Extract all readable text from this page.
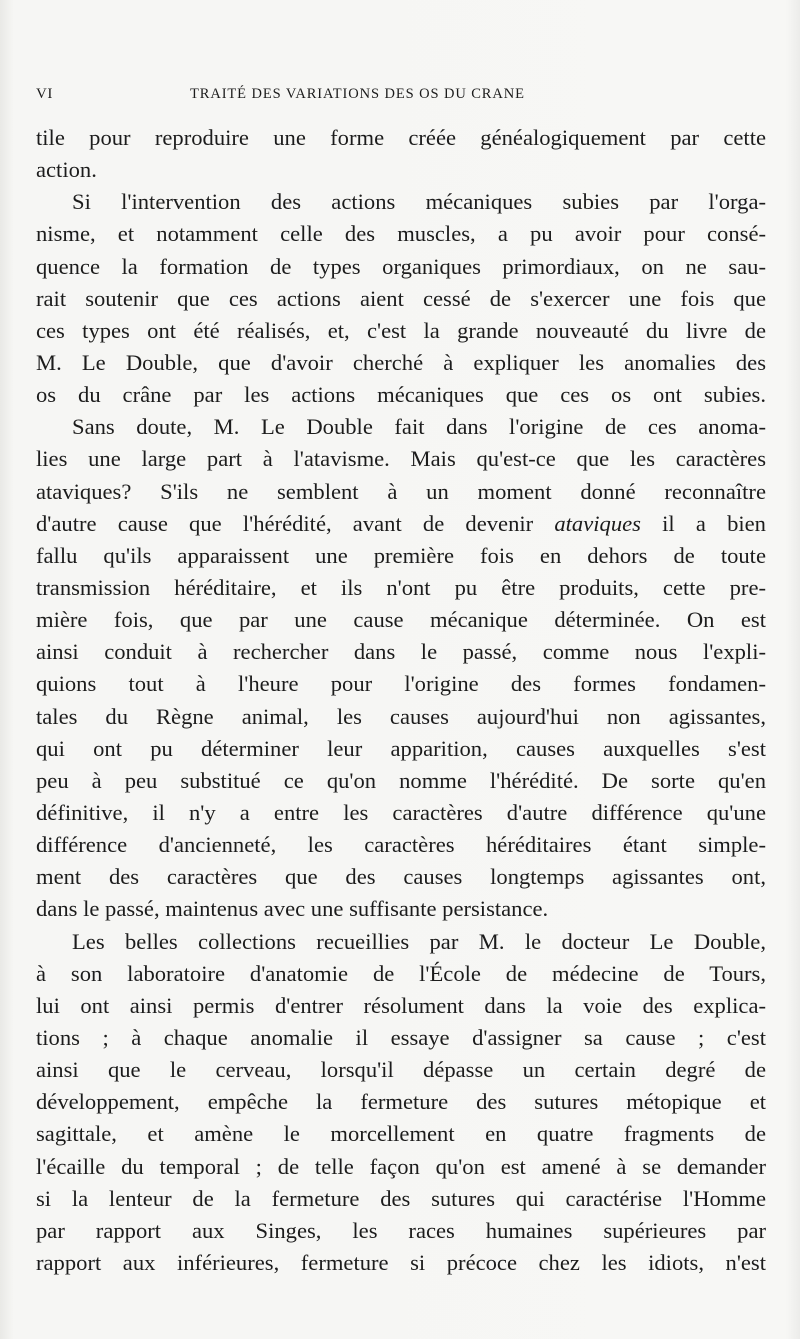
VI	TRAITÉ DES VARIATIONS DES OS DU CRANE
tile pour reproduire une forme créée généalogiquement par cette
action.
Si l'intervention des actions mécaniques subies par l'orga-
nisme, et notamment celle des muscles, a pu avoir pour consé-
quence la formation de types organiques primordiaux, on ne sau-
rait soutenir que ces actions aient cessé de s'exercer une fois que
ces types ont été réalisés, et, c'est la grande nouveauté du livre de
M. Le Double, que d'avoir cherché à expliquer les anomalies des
os du crâne par les actions mécaniques que ces os ont subies.
Sans doute, M. Le Double fait dans l'origine de ces anoma-
lies une large part à l'atavisme. Mais qu'est-ce que les caractères
ataviques? S'ils ne semblent à un moment donné reconnaître
d'autre cause que l'hérédité, avant de devenir ataviques il a bien
fallu qu'ils apparaissent une première fois en dehors de toute
transmission héréditaire, et ils n'ont pu être produits, cette pre-
mière fois, que par une cause mécanique déterminée. On est
ainsi conduit à rechercher dans le passé, comme nous l'expli-
quions tout à l'heure pour l'origine des formes fondamen-
tales du Règne animal, les causes aujourd'hui non agissantes,
qui ont pu déterminer leur apparition, causes auxquelles s'est
peu à peu substitué ce qu'on nomme l'hérédité. De sorte qu'en
définitive, il n'y a entre les caractères d'autre différence qu'une
différence d'ancienneté, les caractères héréditaires étant simple-
ment des caractères que des causes longtemps agissantes ont,
dans le passé, maintenus avec une suffisante persistance.
Les belles collections recueillies par M. le docteur Le Double,
à son laboratoire d'anatomie de l'École de médecine de Tours,
lui ont ainsi permis d'entrer résolument dans la voie des explica-
tions ; à chaque anomalie il essaye d'assigner sa cause ; c'est
ainsi que le cerveau, lorsqu'il dépasse un certain degré de
développement, empêche la fermeture des sutures métopique et
sagittale, et amène le morcellement en quatre fragments de
l'écaille du temporal ; de telle façon qu'on est amené à se demander
si la lenteur de la fermeture des sutures qui caractérise l'Homme
par rapport aux Singes, les races humaines supérieures par
rapport aux inférieures, fermeture si précoce chez les idiots, n'est
